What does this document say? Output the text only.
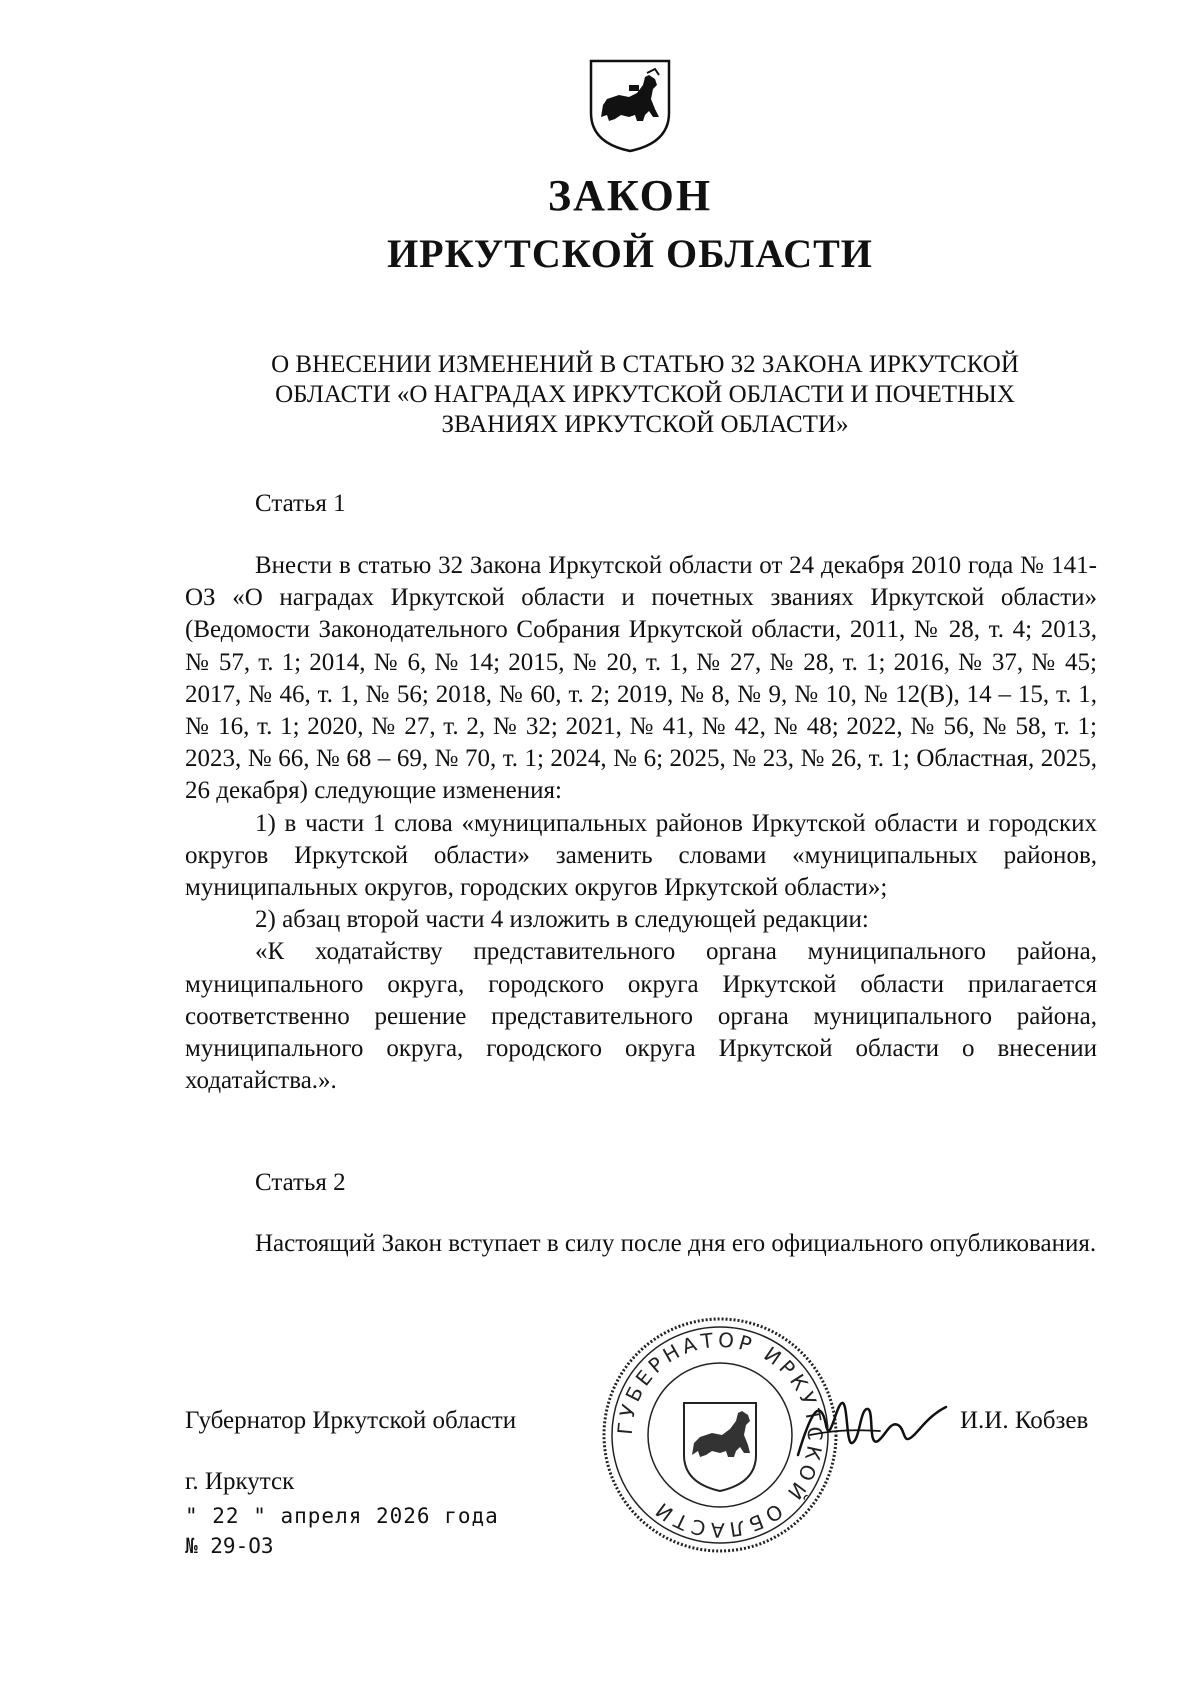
ЗАКОН
ИРКУТСКОЙ ОБЛАСТИ
О ВНЕСЕНИИ ИЗМЕНЕНИЙ В СТАТЬЮ 32 ЗАКОНА ИРКУТСКОЙ
ОБЛАСТИ «О НАГРАДАХ ИРКУТСКОЙ ОБЛАСТИ И ПОЧЕТНЫХ
ЗВАНИЯХ ИРКУТСКОЙ ОБЛАСТИ»
Статья 1

Внести в статью 32 Закона Иркутской области от 24 декабря 2010 года № 141-ОЗ «О наградах Иркутской области и почетных званиях Иркутской области» (Ведомости Законодательного Собрания Иркутской области, 2011, № 28, т. 4; 2013, № 57, т. 1; 2014, № 6, № 14; 2015, № 20, т. 1, № 27, № 28, т. 1; 2016, № 37, № 45; 2017, № 46, т. 1, № 56; 2018, № 60, т. 2; 2019, № 8, № 9, № 10, № 12(В), 14 – 15, т. 1, № 16, т. 1; 2020, № 27, т. 2, № 32; 2021, № 41, № 42, № 48; 2022, № 56, № 58, т. 1; 2023, № 66, № 68 – 69, № 70, т. 1; 2024, № 6; 2025, № 23, № 26, т. 1; Областная, 2025, 26 декабря) следующие изменения:

1) в части 1 слова «муниципальных районов Иркутской области и городских округов Иркутской области» заменить словами «муниципальных районов, муниципальных округов, городских округов Иркутской области»;

2) абзац второй части 4 изложить в следующей редакции:

«К ходатайству представительного органа муниципального района, муниципального округа, городского округа Иркутской области прилагается соответственно решение представительного органа муниципального района, муниципального округа, городского округа Иркутской области о внесении ходатайства.».

Статья 2

Настоящий Закон вступает в силу после дня его официального опубликования.

ГУБЕРНАТОР ИРКУТСКОЙ ОБЛАСТИ
Губернатор Иркутской области	И.И. Кобзев
г. Иркутск
" 22 " апреля 2026 года
№ 29-ОЗ
